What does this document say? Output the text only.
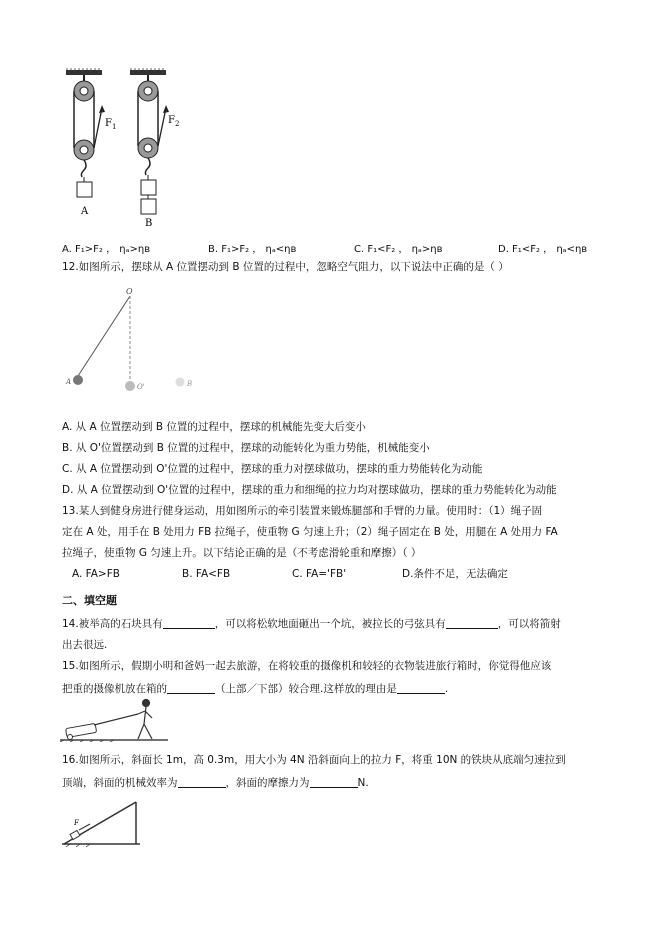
$F_1$
A
$F_2$
B
A. F₁>F₂ ， ηₐ>ηʙ	B. F₁>F₂ ， ηₐ<ηʙ	C. F₁<F₂ ， ηₐ>ηʙ	D. F₁<F₂ ， ηₐ<ηʙ
12.如图所示，摆球从 A 位置摆动到 B 位置的过程中，忽略空气阻力，以下说法中正确的是（ ）
O
A
O'	B
A. 从 A 位置摆动到 B 位置的过程中，摆球的机械能先变大后变小
B. 从 O'位置摆动到 B 位置的过程中，摆球的动能转化为重力势能，机械能变小
C. 从 A 位置摆动到 O'位置的过程中，摆球的重力对摆球做功，摆球的重力势能转化为动能
D. 从 A 位置摆动到 O'位置的过程中，摆球的重力和细绳的拉力均对摆球做功，摆球的重力势能转化为动能
13.某人到健身房进行健身运动，用如图所示的牵引装置来锻炼腿部和手臂的力量。使用时：（1）绳子固
定在 A 处，用手在 B 处用力 FB 拉绳子，使重物 G 匀速上升；（2）绳子固定在 B 处，用腿在 A 处用力 FA
拉绳子，使重物 G 匀速上升。以下结论正确的是（不考虑滑轮重和摩擦）（ ）
A. FA>FB	B. FA<FB	C. FA='FB'	D.条件不足，无法确定
二、填空题
14.被举高的石块具有	，可以将松软地面砸出一个坑，被拉长的弓弦具有	，可以将箭射
出去很远.
15.如图所示，假期小明和爸妈一起去旅游，在将较重的摄像机和较轻的衣物装进旅行箱时，你觉得他应该
把重的摄像机放在箱的	（上部／下部）较合理.这样放的理由是	.
16.如图所示，斜面长 1m，高 0.3m，用大小为 4N 沿斜面向上的拉力 F，将重 10N 的铁块从底端匀速拉到
顶端，斜面的机械效率为	，斜面的摩擦力为	N.
F
